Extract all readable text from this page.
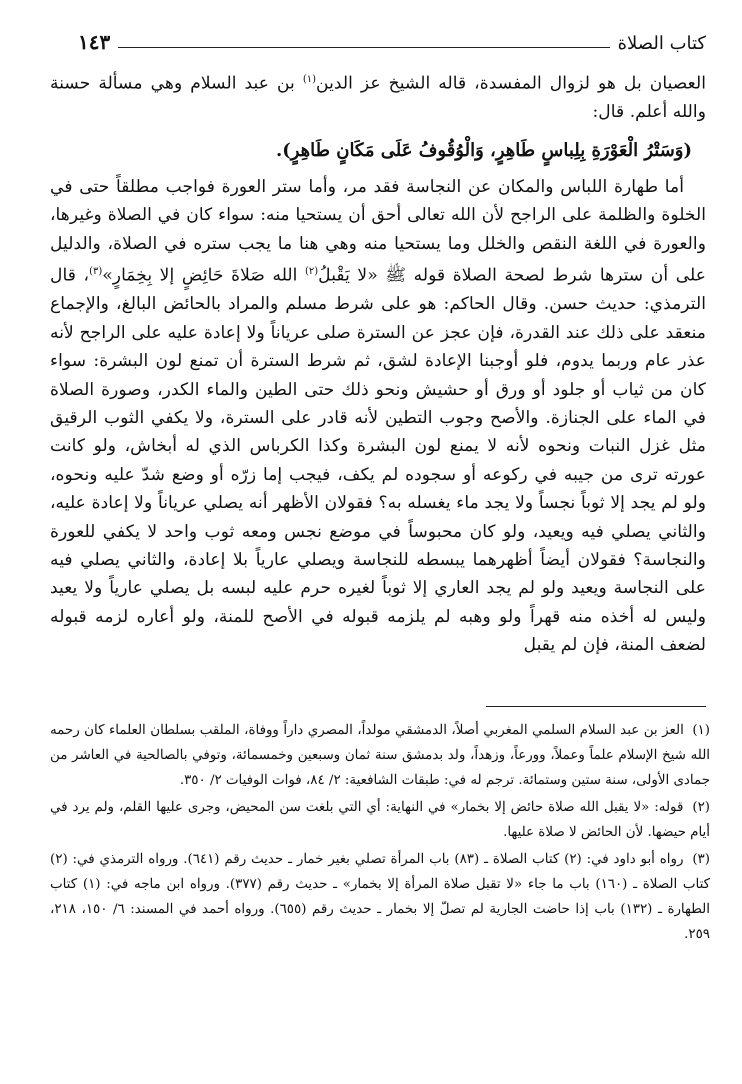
كتاب الصلاة
١٤٣

العصيان بل هو لزوال المفسدة، قاله الشيخ عز الدين$^{(١)}$ بن عبد السلام وهي مسألة حسنة والله أعلم. قال:

(وَسَتْرُ الْعَوْرَةِ بِلِباسٍ طَاهِرٍ، وَالْوُقُوفُ عَلَى مَكَانٍ طَاهِرٍ).

أما طهارة اللباس والمكان عن النجاسة فقد مر، وأما ستر العورة فواجب مطلقاً حتى في الخلوة والظلمة على الراجح لأن الله تعالى أحق أن يستحيا منه: سواء كان في الصلاة وغيرها، والعورة في اللغة النقص والخلل وما يستحيا منه وهي هنا ما يجب ستره في الصلاة، والدليل على أن سترها شرط لصحة الصلاة قوله ﷺ «لا يَقْبلُ$^{(٢)}$ الله صَلاةَ حَائِضٍ إلا بِخِمَارٍ»$^{(٣)}$، قال الترمذي: حديث حسن. وقال الحاكم: هو على شرط مسلم والمراد بالحائض البالغ، والإجماع منعقد على ذلك عند القدرة، فإن عجز عن السترة صلى عرياناً ولا إعادة عليه على الراجح لأنه عذر عام وربما يدوم، فلو أوجبنا الإعادة لشق، ثم شرط السترة أن تمنع لون البشرة: سواء كان من ثياب أو جلود أو ورق أو حشيش ونحو ذلك حتى الطين والماء الكدر، وصورة الصلاة في الماء على الجنازة. والأصح وجوب التطين لأنه قادر على السترة، ولا يكفي الثوب الرقيق مثل غزل النبات ونحوه لأنه لا يمنع لون البشرة وكذا الكرباس الذي له أبخاش، ولو كانت عورته ترى من جيبه في ركوعه أو سجوده لم يكف، فيجب إما زرّه أو وضع شدّ عليه ونحوه، ولو لم يجد إلا ثوباً نجساً ولا يجد ماء يغسله به؟ فقولان الأظهر أنه يصلي عرياناً ولا إعادة عليه، والثاني يصلي فيه ويعيد، ولو كان محبوساً في موضع نجس ومعه ثوب واحد لا يكفي للعورة والنجاسة؟ فقولان أيضاً أظهرهما يبسطه للنجاسة ويصلي عارياً بلا إعادة، والثاني يصلي فيه على النجاسة ويعيد ولو لم يجد العاري إلا ثوباً لغيره حرم عليه لبسه بل يصلي عارياً ولا يعيد وليس له أخذه منه قهراً ولو وهبه لم يلزمه قبوله في الأصح للمنة، ولو أعاره لزمه قبوله لضعف المنة، فإن لم يقبل

(١) العز بن عبد السلام السلمي المغربي أصلاً، الدمشقي مولداً، المصري داراً ووفاة، الملقب بسلطان العلماء كان رحمه الله شيخ الإسلام علماً وعملاً، وورعاً، وزهداً، ولد بدمشق سنة ثمان وسبعين وخمسمائة، وتوفي بالصالحية في العاشر من جمادى الأولى، سنة ستين وستمائة. ترجم له في: طبقات الشافعية: ٢/ ٨٤، فوات الوفيات ٢/ ٣٥٠.

(٢) قوله: «لا يقبل الله صلاة حائض إلا بخمار» في النهاية: أي التي بلغت سن المحيض، وجرى عليها القلم، ولم يرد في أيام حيضها. لأن الحائض لا صلاة عليها.

(٣) رواه أبو داود في: (٢) كتاب الصلاة ـ (٨٣) باب المرأة تصلي بغير خمار ـ حديث رقم (٦٤١). ورواه الترمذي في: (٢) كتاب الصلاة ـ (١٦٠) باب ما جاء «لا تقبل صلاة المرأة إلا بخمار» ـ حديث رقم (٣٧٧). ورواه ابن ماجه في: (١) كتاب الطهارة ـ (١٣٢) باب إذا حاضت الجارية لم تصلّ إلا بخمار ـ حديث رقم (٦٥٥). ورواه أحمد في المسند: ٦/ ١٥٠، ٢١٨، ٢٥٩.
